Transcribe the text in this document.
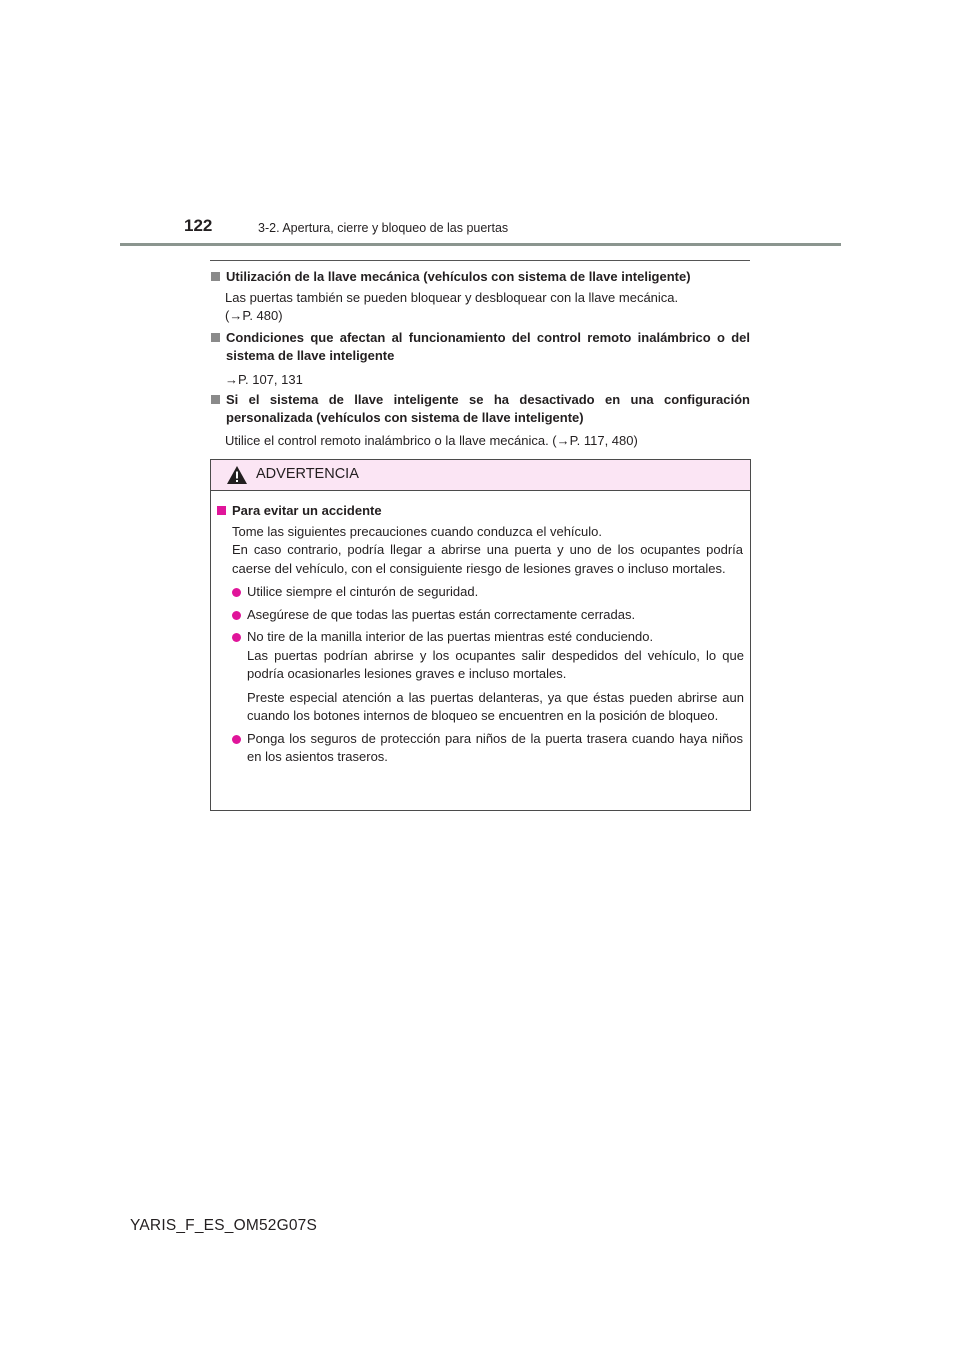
122	3-2. Apertura, cierre y bloqueo de las puertas
Utilización de la llave mecánica (vehículos con sistema de llave inteligente)
Las puertas también se pueden bloquear y desbloquear con la llave mecánica.
(→P. 480)
Condiciones que afectan al funcionamiento del control remoto inalámbrico o del
sistema de llave inteligente
→P. 107, 131
Si el sistema de llave inteligente se ha desactivado en una configuración
personalizada (vehículos con sistema de llave inteligente)
Utilice el control remoto inalámbrico o la llave mecánica. (→P. 117, 480)
ADVERTENCIA
Para evitar un accidente
Tome las siguientes precauciones cuando conduzca el vehículo.
En caso contrario, podría llegar a abrirse una puerta y uno de los ocupantes podría caerse del vehículo, con el consiguiente riesgo de lesiones graves o incluso mortales.
Utilice siempre el cinturón de seguridad.
Asegúrese de que todas las puertas están correctamente cerradas.
No tire de la manilla interior de las puertas mientras esté conduciendo.
Las puertas podrían abrirse y los ocupantes salir despedidos del vehículo, lo que podría ocasionarles lesiones graves e incluso mortales.
Preste especial atención a las puertas delanteras, ya que éstas pueden abrirse aun cuando los botones internos de bloqueo se encuentren en la posición de bloqueo.
Ponga los seguros de protección para niños de la puerta trasera cuando haya niños en los asientos traseros.
YARIS_F_ES_OM52G07S
